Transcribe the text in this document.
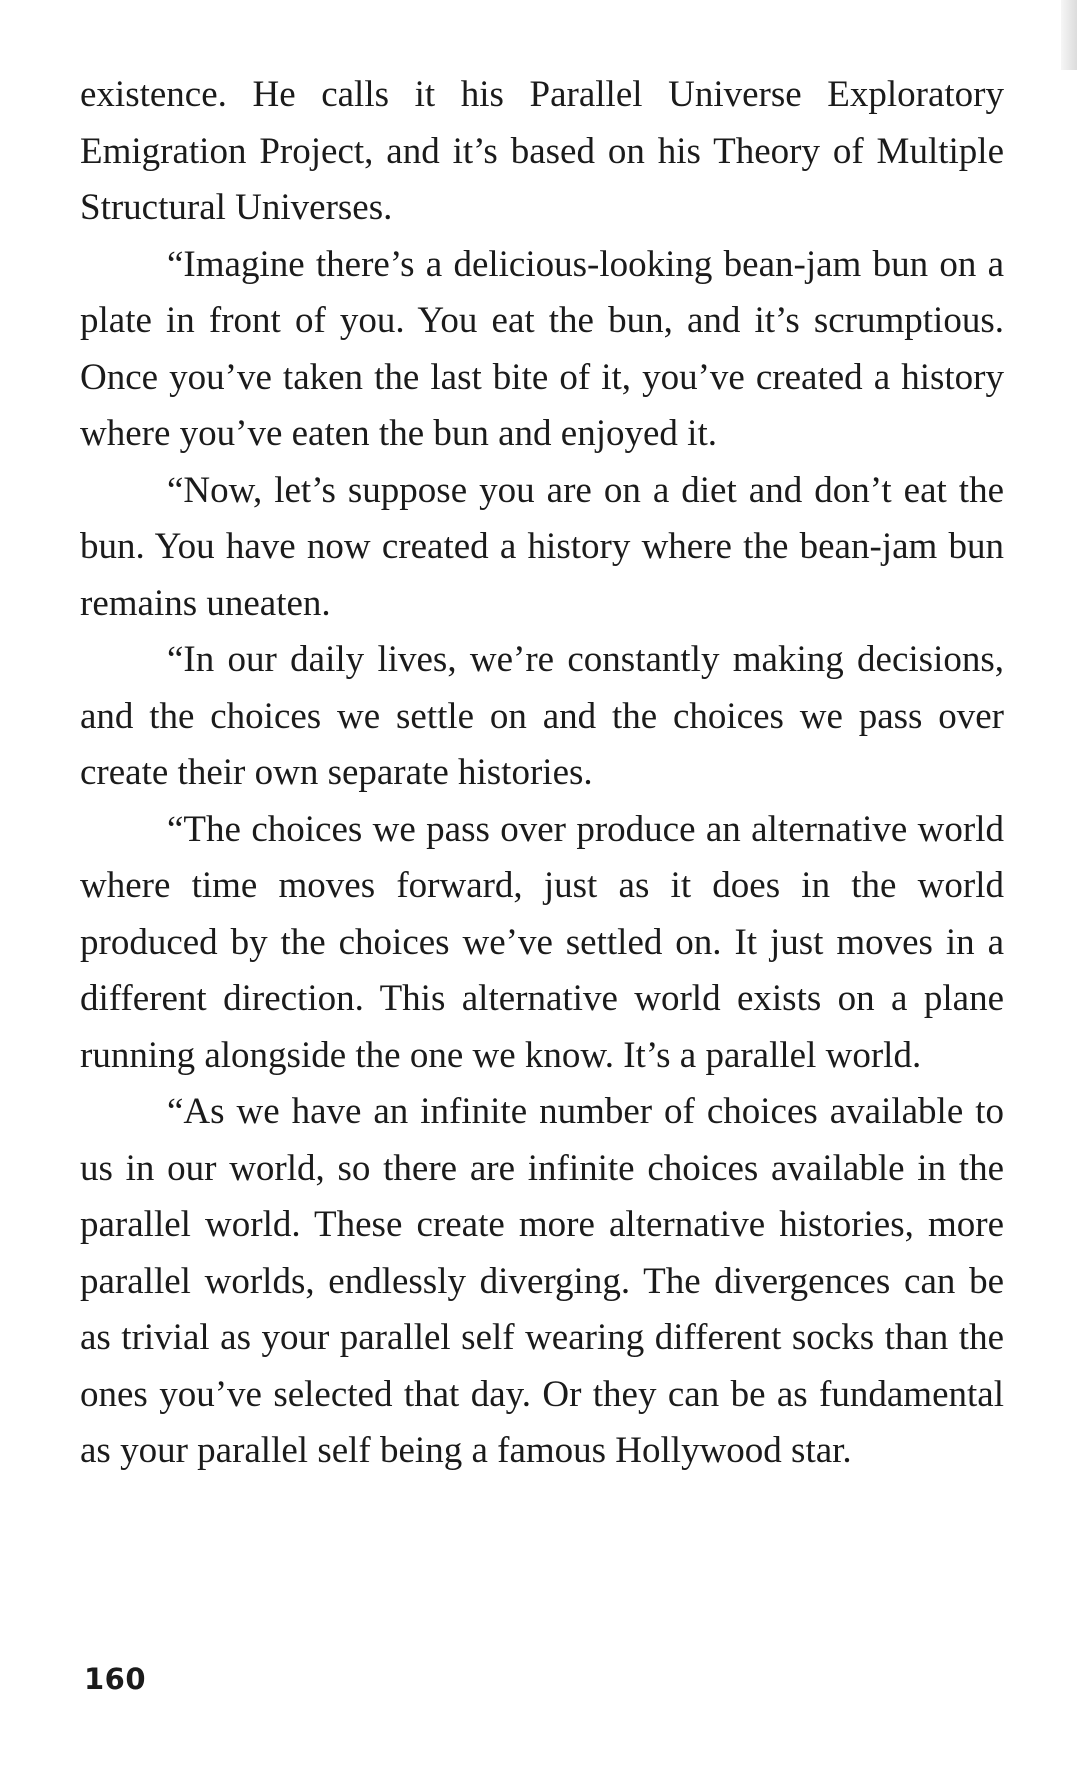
existence. He calls it his Parallel Universe Exploratory Emigration Project, and it’s based on his Theory of Multiple Structural Universes.

“Imagine there’s a delicious-looking bean-jam bun on a plate in front of you. You eat the bun, and it’s scrumptious. Once you’ve taken the last bite of it, you’ve created a history where you’ve eaten the bun and enjoyed it.

“Now, let’s suppose you are on a diet and don’t eat the bun. You have now created a history where the bean-jam bun remains uneaten.

“In our daily lives, we’re constantly making decisions, and the choices we settle on and the choices we pass over create their own separate histories.

“The choices we pass over produce an alternative world where time moves forward, just as it does in the world produced by the choices we’ve settled on. It just moves in a different direction. This alternative world exists on a plane running alongside the one we know. It’s a parallel world.

“As we have an infinite number of choices available to us in our world, so there are infinite choices available in the parallel world. These create more alternative histories, more parallel worlds, endlessly diverging. The divergences can be as trivial as your parallel self wearing different socks than the ones you’ve selected that day. Or they can be as fundamental as your parallel self being a famous Hollywood star.

160
